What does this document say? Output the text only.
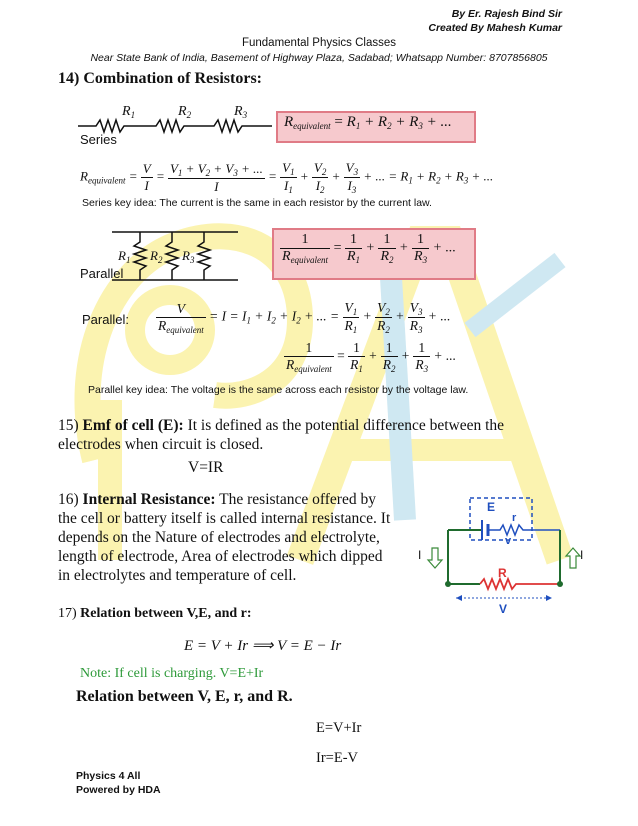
By Er. Rajesh Bind Sir
Created By Mahesh Kumar
Fundamental Physics Classes
Near State Bank of India, Basement of Highway Plaza, Sadabad; Whatsapp Number: 8707856805
14) Combination of Resistors:
$R_1$	$R_2$	$R_3$
Series
$R_{equivalent} = R_1 + R_2 + R_3$ + ...
$R_{equivalent} = \frac{V}{I} = \frac{V_1 + V_2 + V_3 + ...}{I} = \frac{V_1}{I_1} + \frac{V_2}{I_2} + \frac{V_3}{I_3}$ + ... = $R_1 + R_2 + R_3$ + ...
Series key idea: The current is the same in each resistor by the current law.
$R_1$ $R_2$ $R_3$
Parallel
$\frac{1}{R_{equivalent}} = \frac{1}{R_1} + \frac{1}{R_2} + \frac{1}{R_3}$ + ...
Parallel: $\frac{V}{R_{equivalent}} = I = I_1 + I_2 + I_2$ + ... = $\frac{V_1}{R_1} + \frac{V_2}{R_2} + \frac{V_3}{R_3}$ + ...
$\frac{1}{R_{equivalent}} = \frac{1}{R_1} + \frac{1}{R_2} + \frac{1}{R_3}$ + ...
Parallel key idea: The voltage is the same across each resistor by the voltage law.
15) Emf of cell (E): It is defined as the potential difference between the electrodes when circuit is closed.
V=IR
16) Internal Resistance: The resistance offered by the cell or battery itself is called internal resistance. It depends on the Nature of electrodes and electrolyte, length of electrode, Area of electrodes which dipped in electrolytes and temperature of cell.
E
r
v
R
V
I	I
17) Relation between V,E, and r:
E = V + Ir ⟹ V = E − Ir
Note: If cell is charging. V=E+Ir
Relation between V, E, r, and R.
E=V+Ir
Ir=E-V
Physics 4 All
Powered by HDA
